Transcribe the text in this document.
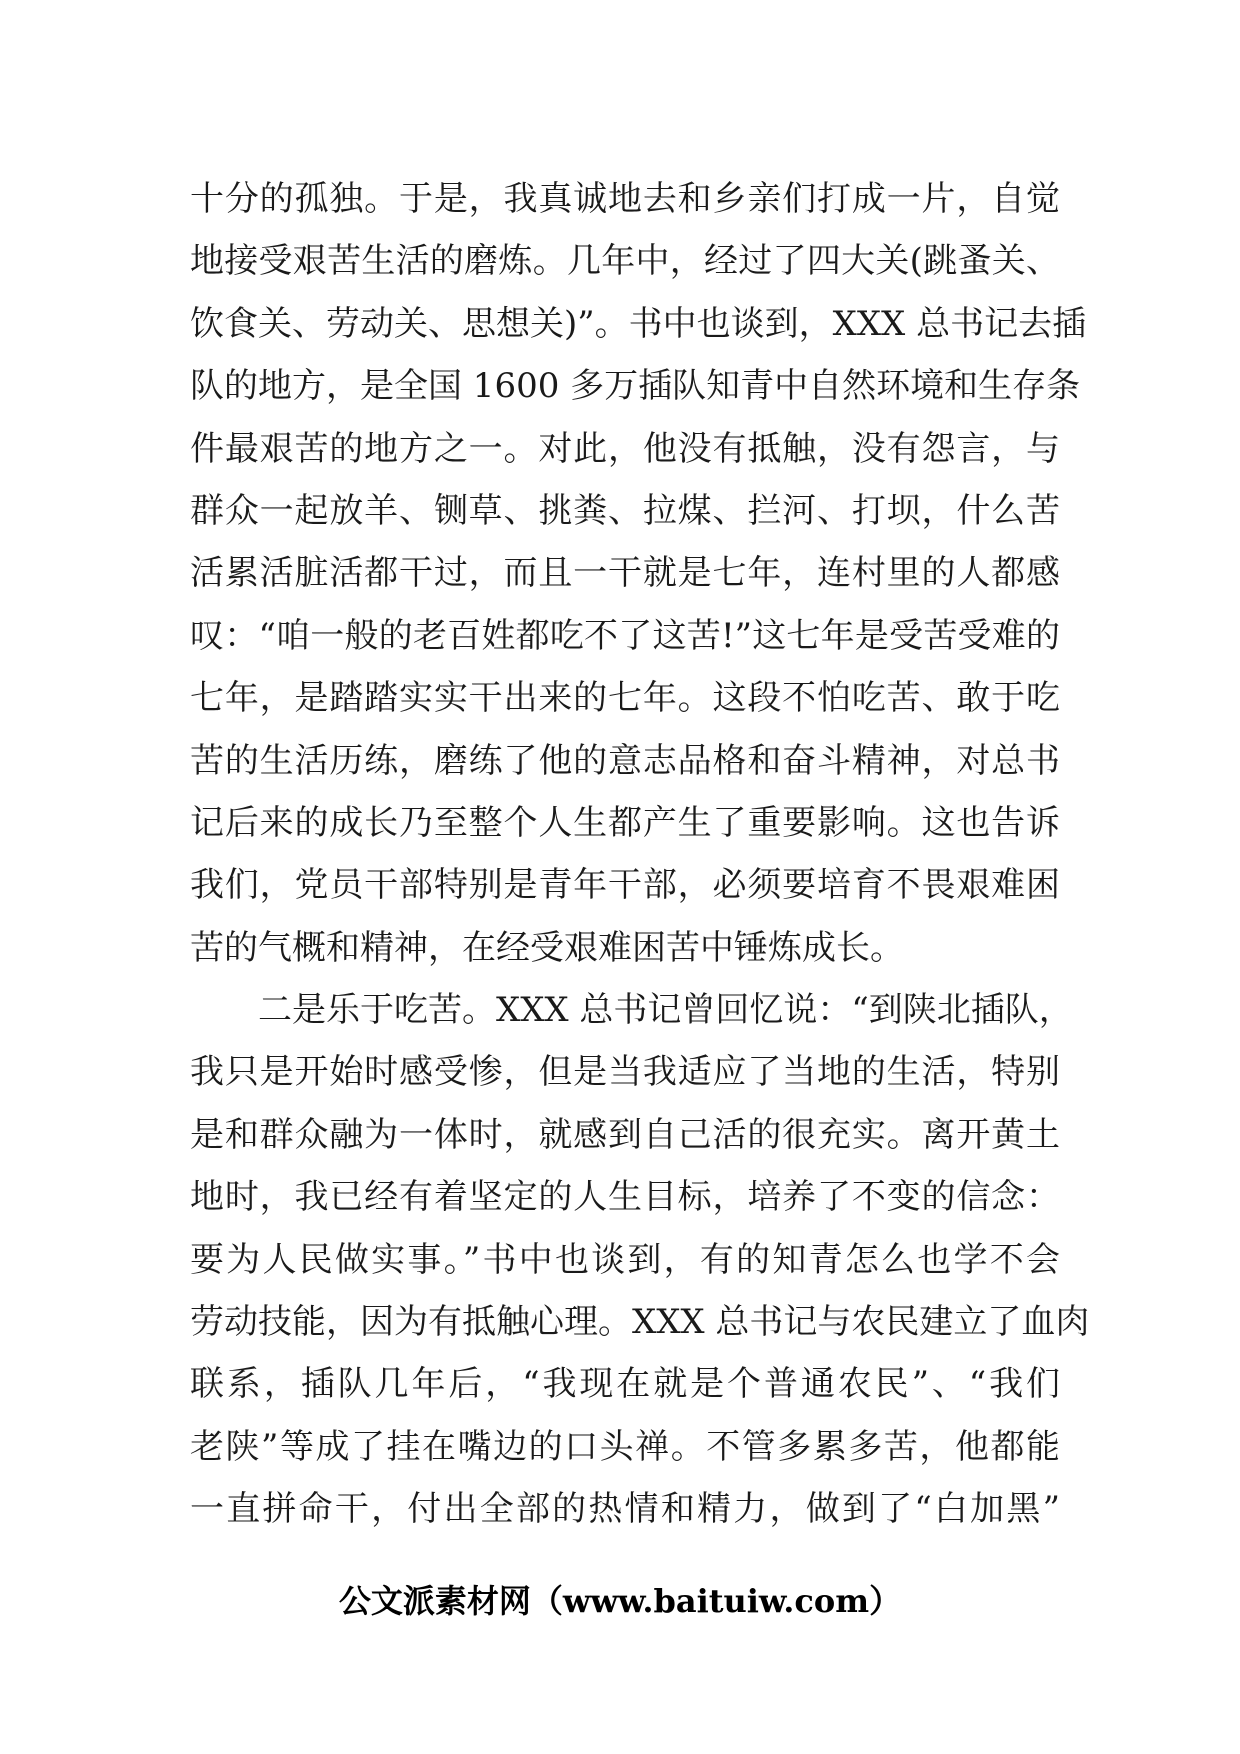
十分的孤独。于是，我真诚地去和乡亲们打成一片，自觉
地接受艰苦生活的磨炼。几年中，经过了四大关(跳蚤关、
饮食关、劳动关、思想关)”。书中也谈到，XXX 总书记去插
队的地方，是全国 1600 多万插队知青中自然环境和生存条
件最艰苦的地方之一。对此，他没有抵触，没有怨言，与
群众一起放羊、铡草、挑粪、拉煤、拦河、打坝，什么苦
活累活脏活都干过，而且一干就是七年，连村里的人都感
叹：“咱一般的老百姓都吃不了这苦!”这七年是受苦受难的
七年，是踏踏实实干出来的七年。这段不怕吃苦、敢于吃
苦的生活历练，磨练了他的意志品格和奋斗精神，对总书
记后来的成长乃至整个人生都产生了重要影响。这也告诉
我们，党员干部特别是青年干部，必须要培育不畏艰难困
苦的气概和精神，在经受艰难困苦中锤炼成长。
二是乐于吃苦。XXX 总书记曾回忆说：“到陕北插队，
我只是开始时感受惨，但是当我适应了当地的生活，特别
是和群众融为一体时，就感到自己活的很充实。离开黄土
地时，我已经有着坚定的人生目标，培养了不变的信念：
要为人民做实事。”书中也谈到，有的知青怎么也学不会
劳动技能，因为有抵触心理。XXX 总书记与农民建立了血肉
联系，插队几年后，“我现在就是个普通农民”、“我们
老陕”等成了挂在嘴边的口头禅。不管多累多苦，他都能
一直拼命干，付出全部的热情和精力，做到了“白加黑”
公文派素材网（www.baituiw.com）
